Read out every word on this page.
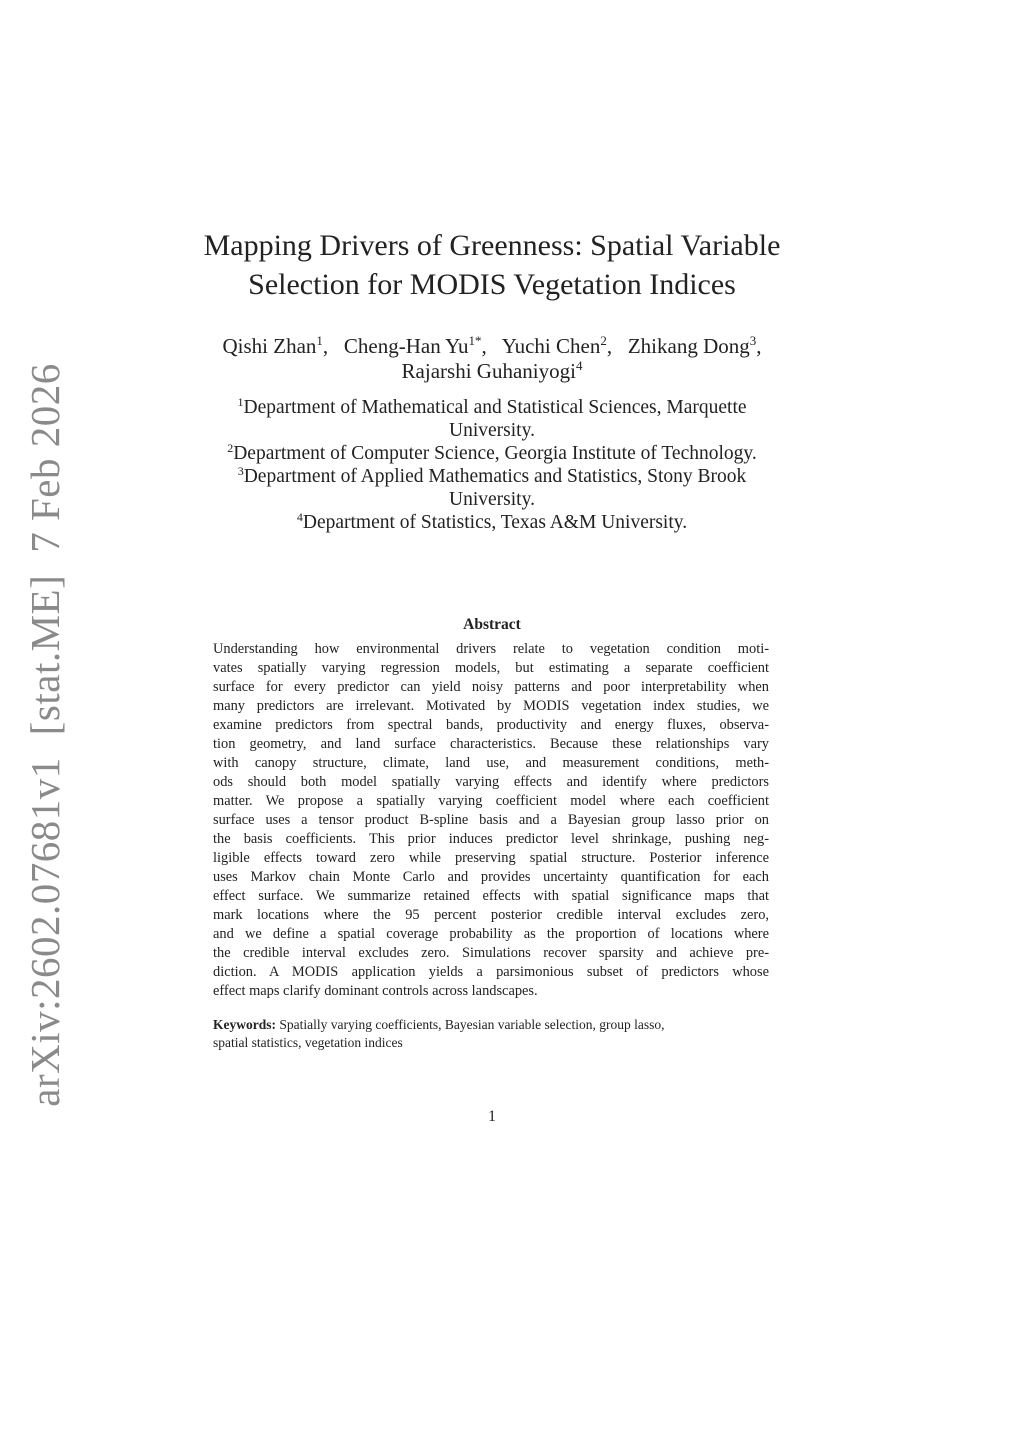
arXiv:2602.07681v1[stat.ME]7 Feb 2026
Mapping Drivers of Greenness: Spatial Variable
Selection for MODIS Vegetation Indices
Qishi Zhan$^1$, Cheng-Han $Yu^{1*}$, Yuchi Chen$^2$, Zhikang Dong$^3$,
Rajarshi Guhaniyogi$^4$
$^1$Department of Mathematical and Statistical Sciences, Marquette
University.
$^2$Department of Computer Science, Georgia Institute of Technology.
$^3$Department of Applied Mathematics and Statistics, Stony Brook
University.
$^4$Department of Statistics, Texas A&M University.
Abstract
Understanding how environmental drivers relate to vegetation condition moti-
vates spatially varying regression models, but estimating a separate coefficient
surface for every predictor can yield noisy patterns and poor interpretability when
many predictors are irrelevant. Motivated by MODIS vegetation index studies, we
examine predictors from spectral bands, productivity and energy fluxes, observa-
tion geometry, and land surface characteristics. Because these relationships vary
with canopy structure, climate, land use, and measurement conditions, meth-
ods should both model spatially varying effects and identify where predictors
matter. We propose a spatially varying coefficient model where each coefficient
surface uses a tensor product B-spline basis and a Bayesian group lasso prior on
the basis coefficients. This prior induces predictor level shrinkage, pushing neg-
ligible effects toward zero while preserving spatial structure. Posterior inference
uses Markov chain Monte Carlo and provides uncertainty quantification for each
effect surface. We summarize retained effects with spatial significance maps that
mark locations where the 95 percent posterior credible interval excludes zero,
and we define a spatial coverage probability as the proportion of locations where
the credible interval excludes zero. Simulations recover sparsity and achieve pre-
diction. A MODIS application yields a parsimonious subset of predictors whose
effect maps clarify dominant controls across landscapes.
Keywords: Spatially varying coefficients, Bayesian variable selection, group lasso,
spatial statistics, vegetation indices
1
